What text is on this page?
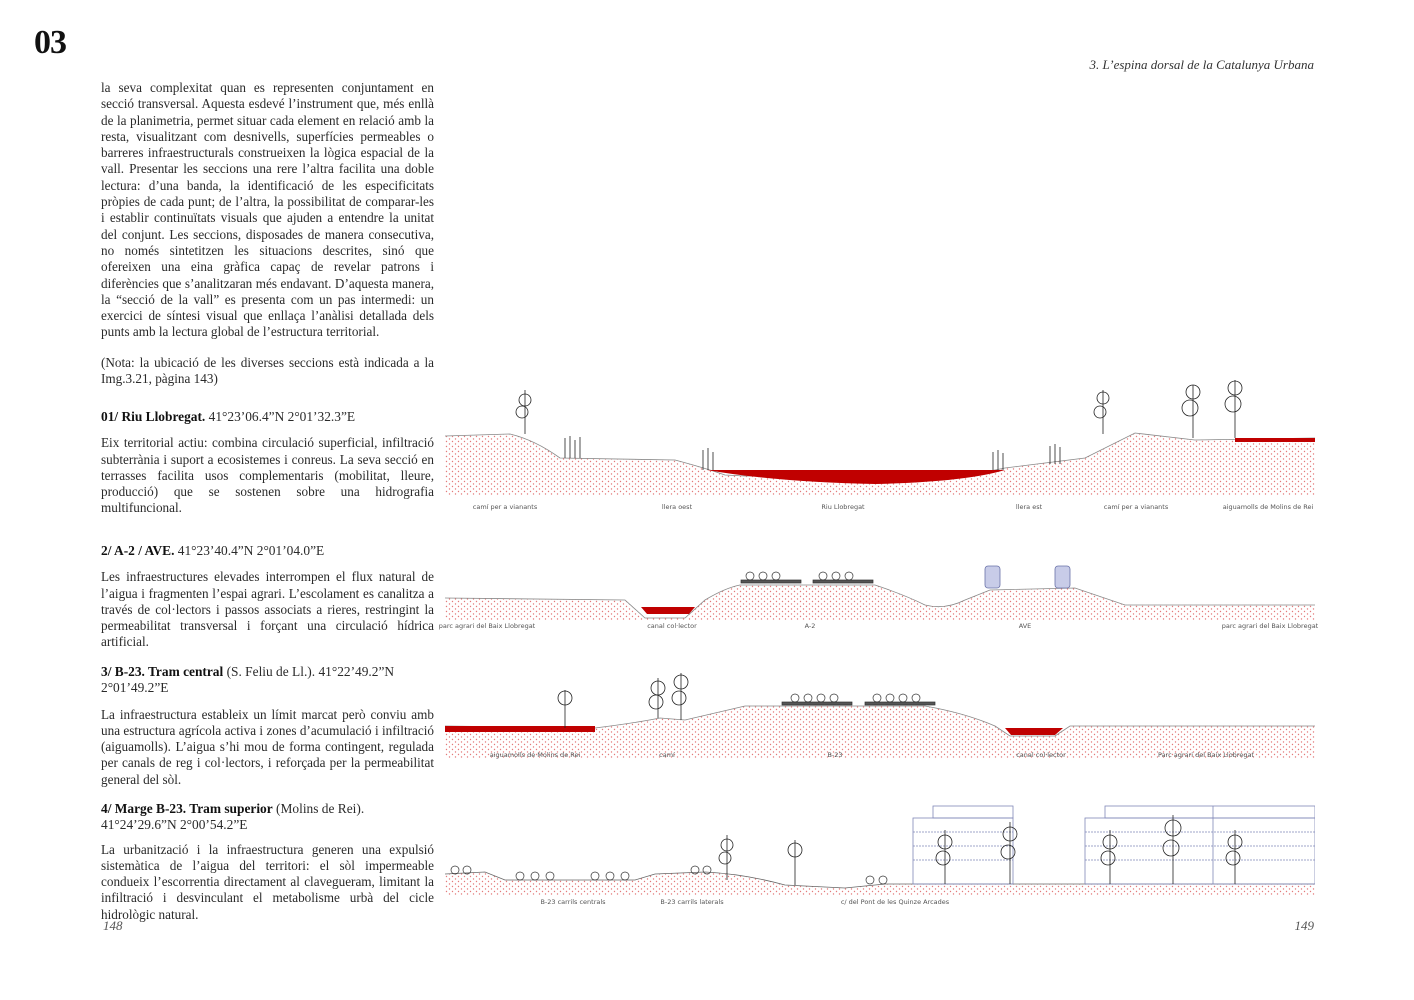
03
3. L’espina dorsal de la Catalunya Urbana

la seva complexitat quan es representen conjuntament en secció transversal. Aquesta esdevé l’instrument que, més enllà de la planimetria, permet situar cada element en relació amb la resta, visualitzant com desnivells, superfícies permeables o barreres infraestructurals construeixen la lògica espacial de la vall. Presentar les seccions una rere l’altra facilita una doble lectura: d’una banda, la identificació de les especificitats pròpies de cada punt; de l’altra, la possibilitat de comparar-les i establir continuïtats visuals que ajuden a entendre la unitat del conjunt. Les seccions, disposades de manera consecutiva, no només sintetitzen les situacions descrites, sinó que ofereixen una eina gràfica capaç de revelar patrons i diferències que s’analitzaran més endavant. D’aquesta manera, la “secció de la vall” es presenta com un pas intermedi: un exercici de síntesi visual que enllaça l’anàlisi detallada dels punts amb la lectura global de l’estructura territorial.

(Nota: la ubicació de les diverses seccions està indicada a la Img.3.21, pàgina 143)

01/ Riu Llobregat. 41°23’06.4”N 2°01’32.3”E

Eix territorial actiu: combina circulació superficial, infiltració subterrània i suport a ecosistemes i conreus. La seva secció en terrasses facilita usos complementaris (mobilitat, lleure, producció) que se sostenen sobre una hidrografia multifuncional.

2/ A-2 / AVE. 41°23’40.4”N 2°01’04.0”E

Les infraestructures elevades interrompen el flux natural de l’aigua i fragmenten l’espai agrari. L’escolament es canalitza a través de col·lectors i passos associats a rieres, restringint la permeabilitat transversal i forçant una circulació hídrica artificial.

3/ B-23. Tram central (S. Feliu de Ll.). 41°22’49.2”N 2°01’49.2”E

La infraestructura estableix un límit marcat però conviu amb una estructura agrícola activa i zones d’acumulació i infiltració (aiguamolls). L’aigua s’hi mou de forma contingent, regulada per canals de reg i col·lectors, i reforçada per la permeabilitat general del sòl.

4/ Marge B-23. Tram superior (Molins de Rei). 41°24’29.6”N 2°00’54.2”E

La urbanització i la infraestructura generen una expulsió sistemàtica de l’aigua del territori: el sòl impermeable condueix l’escorrentia directament al clavegueram, limitant la infiltració i desvinculant el metabolisme urbà del cicle hidrològic natural.

148	149
camí per a vianants	llera oest	Riu Llobregat	llera est	camí per a vianants	aiguamolls de Molins de Rei
parc agrari del Baix Llobregat	canal col·lector	A-2	AVE	parc agrari del Baix Llobregat
aiguamolls de Molins de Rei	camí	B-23	canal col·lector	Parc agrari del Baix Llobregat
B-23 carrils centrals	B-23 carrils laterals	c/ del Pont de les Quinze Arcades
